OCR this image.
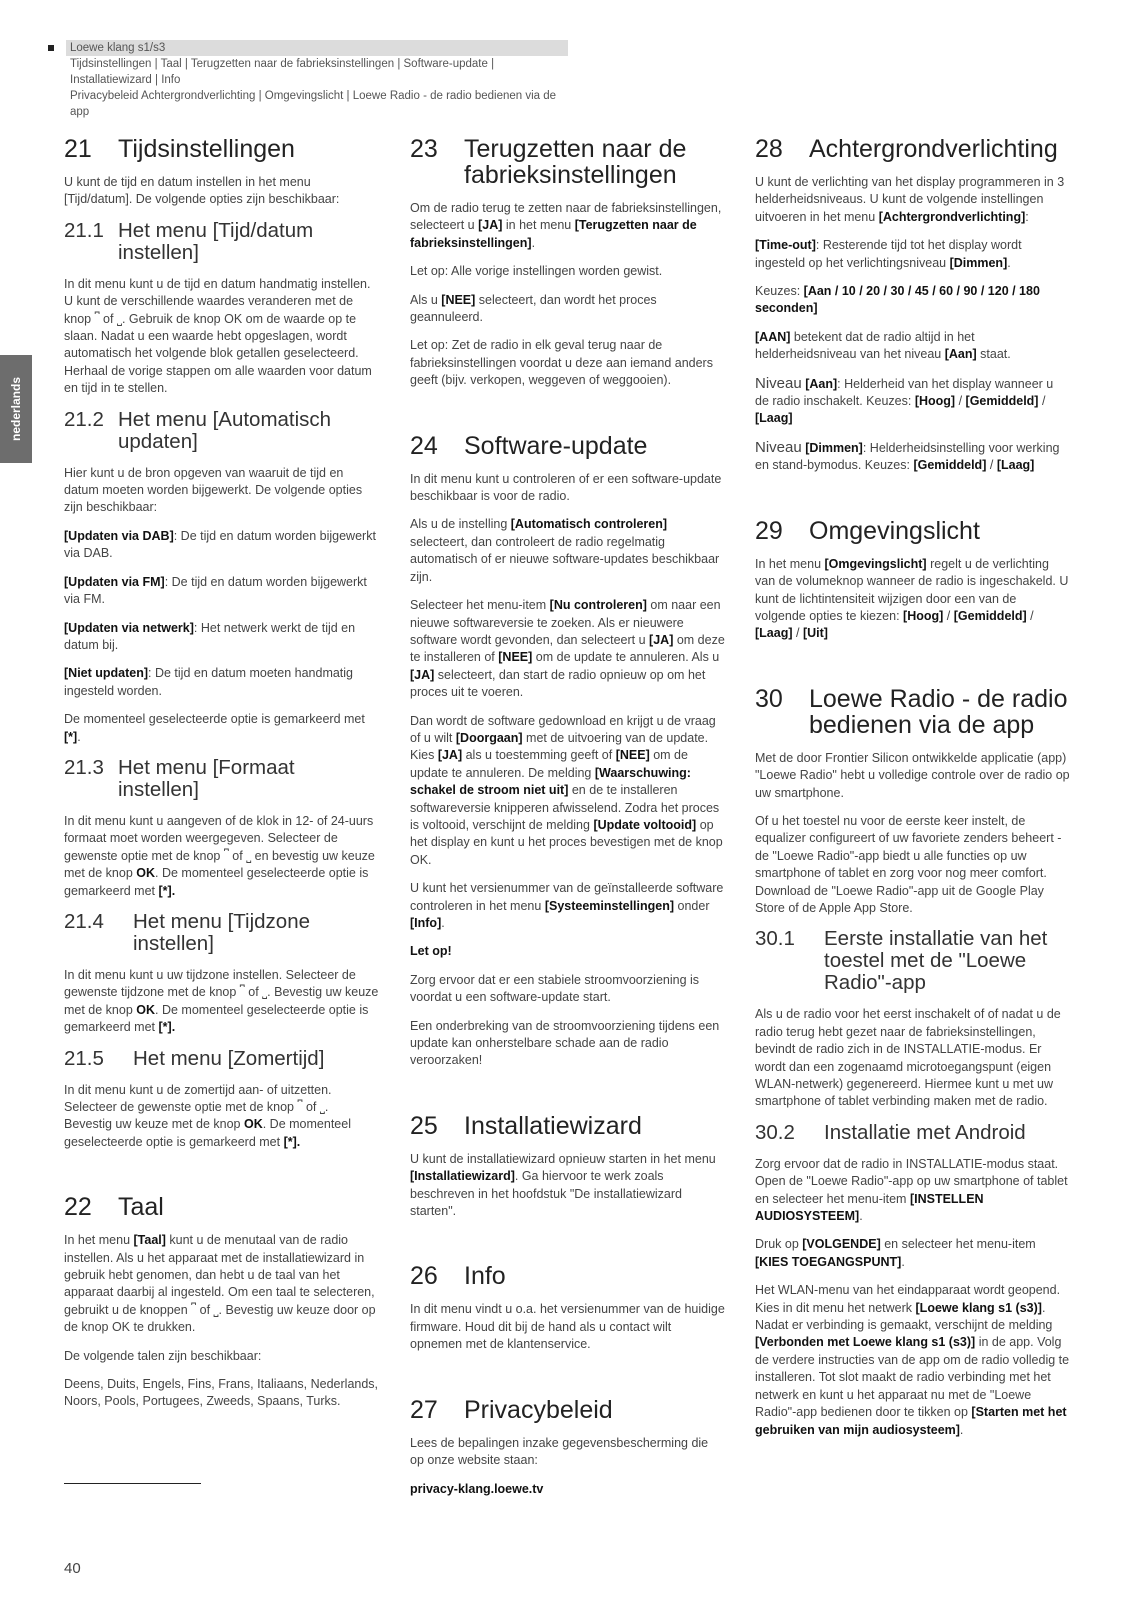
Loewe klang s1/s3
Tijdsinstellingen | Taal | Terugzetten naar de fabrieksinstellingen | Software-update | Installatiewizard | Info
Privacybeleid Achtergrondverlichting | Omgevingslicht | Loewe Radio - de radio bedienen via de app
nederlands
21	Tijdsinstellingen

U kunt de tijd en datum instellen in het menu [Tijd/datum]. De volgende opties zijn beschikbaar:

21.1 Het menu [Tijd/datum instellen]

In dit menu kunt u de tijd en datum handmatig instellen. U kunt de verschillende waardes veranderen met de knop ⎴ of ⎵. Gebruik de knop OK om de waarde op te slaan. Nadat u een waarde hebt opgeslagen, wordt automatisch het volgende blok getallen geselecteerd. Herhaal de vorige stappen om alle waarden voor datum en tijd in te stellen.

21.2 Het menu [Automatisch updaten]

Hier kunt u de bron opgeven van waaruit de tijd en datum moeten worden bijgewerkt. De volgende opties zijn beschikbaar:

[Updaten via DAB]: De tijd en datum worden bijgewerkt via DAB.

[Updaten via FM]: De tijd en datum worden bijgewerkt via FM.

[Updaten via netwerk]: Het netwerk werkt de tijd en datum bij.

[Niet updaten]: De tijd en datum moeten handmatig ingesteld worden.

De momenteel geselecteerde optie is gemarkeerd met [*].

21.3 Het menu [Formaat instellen]

In dit menu kunt u aangeven of de klok in 12- of 24-uurs formaat moet worden weergegeven. Selecteer de gewenste optie met de knop ⎴ of ⎵ en bevestig uw keuze met de knop OK. De momenteel geselecteerde optie is gemarkeerd met [*].

21.4	Het menu [Tijdzone instellen]

In dit menu kunt u uw tijdzone instellen. Selecteer de gewenste tijdzone met de knop ⎴ of ⎵. Bevestig uw keuze met de knop OK. De momenteel geselecteerde optie is gemarkeerd met [*].

21.5	Het menu [Zomertijd]

In dit menu kunt u de zomertijd aan- of uitzetten. Selecteer de gewenste optie met de knop ⎴ of ⎵. Bevestig uw keuze met de knop OK. De momenteel geselecteerde optie is gemarkeerd met [*].

22	Taal

In het menu [Taal] kunt u de menutaal van de radio instellen. Als u het apparaat met de installatiewizard in gebruik hebt genomen, dan hebt u de taal van het apparaat daarbij al ingesteld. Om een taal te selecteren, gebruikt u de knoppen ⎴ of ⎵. Bevestig uw keuze door op de knop OK te drukken.

De volgende talen zijn beschikbaar:

Deens, Duits, Engels, Fins, Frans, Italiaans, Nederlands, Noors, Pools, Portugees, Zweeds, Spaans, Turks.

23	Terugzetten naar de fabrieksinstellingen

Om de radio terug te zetten naar de fabrieksinstellingen, selecteert u [JA] in het menu [Terugzetten naar de fabrieksinstellingen].

Let op: Alle vorige instellingen worden gewist.

Als u [NEE] selecteert, dan wordt het proces geannuleerd.

Let op: Zet de radio in elk geval terug naar de fabrieksinstellingen voordat u deze aan iemand anders geeft (bijv. verkopen, weggeven of weggooien).

24	Software-update

In dit menu kunt u controleren of er een software-update beschikbaar is voor de radio.

Als u de instelling [Automatisch controleren] selecteert, dan controleert de radio regelmatig automatisch of er nieuwe software-updates beschikbaar zijn.

Selecteer het menu-item [Nu controleren] om naar een nieuwe softwareversie te zoeken. Als er nieuwere software wordt gevonden, dan selecteert u [JA] om deze te installeren of [NEE] om de update te annuleren. Als u [JA] selecteert, dan start de radio opnieuw op om het proces uit te voeren.

Dan wordt de software gedownload en krijgt u de vraag of u wilt [Doorgaan] met de uitvoering van de update. Kies [JA] als u toestemming geeft of [NEE] om de update te annuleren. De melding [Waarschuwing: schakel de stroom niet uit] en de te installeren softwareversie knipperen afwisselend. Zodra het proces is voltooid, verschijnt de melding [Update voltooid] op het display en kunt u het proces bevestigen met de knop OK.

U kunt het versienummer van de geïnstalleerde software controleren in het menu [Systeeminstellingen] onder [Info].

Let op!

Zorg ervoor dat er een stabiele stroomvoorziening is voordat u een software-update start.

Een onderbreking van de stroomvoorziening tijdens een update kan onherstelbare schade aan de radio veroorzaken!

25	Installatiewizard

U kunt de installatiewizard opnieuw starten in het menu [Installatiewizard]. Ga hiervoor te werk zoals beschreven in het hoofdstuk "De installatiewizard starten".

26	Info

In dit menu vindt u o.a. het versienummer van de huidige firmware. Houd dit bij de hand als u contact wilt opnemen met de klantenservice.

27	Privacybeleid

Lees de bepalingen inzake gegevensbescherming die op onze website staan:

privacy-klang.loewe.tv

28	Achtergrondverlichting

U kunt de verlichting van het display programmeren in 3 helderheidsniveaus. U kunt de volgende instellingen uitvoeren in het menu [Achtergrondverlichting]:

[Time-out]: Resterende tijd tot het display wordt ingesteld op het verlichtingsniveau [Dimmen].

Keuzes: [Aan / 10 / 20 / 30 / 45 / 60 / 90 / 120 / 180 seconden]

[AAN] betekent dat de radio altijd in het helderheidsniveau van het niveau [Aan] staat.

Niveau [Aan]: Helderheid van het display wanneer u de radio inschakelt. Keuzes: [Hoog] / [Gemiddeld] / [Laag]

Niveau [Dimmen]: Helderheidsinstelling voor werking en stand-bymodus. Keuzes: [Gemiddeld] / [Laag]

29	Omgevingslicht

In het menu [Omgevingslicht] regelt u de verlichting van de volumeknop wanneer de radio is ingeschakeld. U kunt de lichtintensiteit wijzigen door een van de volgende opties te kiezen: [Hoog] / [Gemiddeld] / [Laag] / [Uit]

30	Loewe Radio - de radio bedienen via de app

Met de door Frontier Silicon ontwikkelde applicatie (app) "Loewe Radio" hebt u volledige controle over de radio op uw smartphone.

Of u het toestel nu voor de eerste keer instelt, de equalizer configureert of uw favoriete zenders beheert - de "Loewe Radio"-app biedt u alle functies op uw smartphone of tablet en zorg voor nog meer comfort. Download de "Loewe Radio"-app uit de Google Play Store of de Apple App Store.

30.1	Eerste installatie van het toestel met de "Loewe Radio"-app

Als u de radio voor het eerst inschakelt of of nadat u de radio terug hebt gezet naar de fabrieksinstellingen, bevindt de radio zich in de INSTALLATIE-modus. Er wordt dan een zogenaamd microtoegangspunt (eigen WLAN-netwerk) gegenereerd. Hiermee kunt u met uw smartphone of tablet verbinding maken met de radio.

30.2	Installatie met Android

Zorg ervoor dat de radio in INSTALLATIE-modus staat. Open de "Loewe Radio"-app op uw smartphone of tablet en selecteer het menu-item [INSTELLEN AUDIOSYSTEEM].

Druk op [VOLGENDE] en selecteer het menu-item [KIES TOEGANGSPUNT].

Het WLAN-menu van het eindapparaat wordt geopend. Kies in dit menu het netwerk [Loewe klang s1 (s3)]. Nadat er verbinding is gemaakt, verschijnt de melding [Verbonden met Loewe klang s1 (s3)] in de app. Volg de verdere instructies van de app om de radio volledig te installeren. Tot slot maakt de radio verbinding met het netwerk en kunt u het apparaat nu met de "Loewe Radio"-app bedienen door te tikken op [Starten met het gebruiken van mijn audiosysteem].

40
